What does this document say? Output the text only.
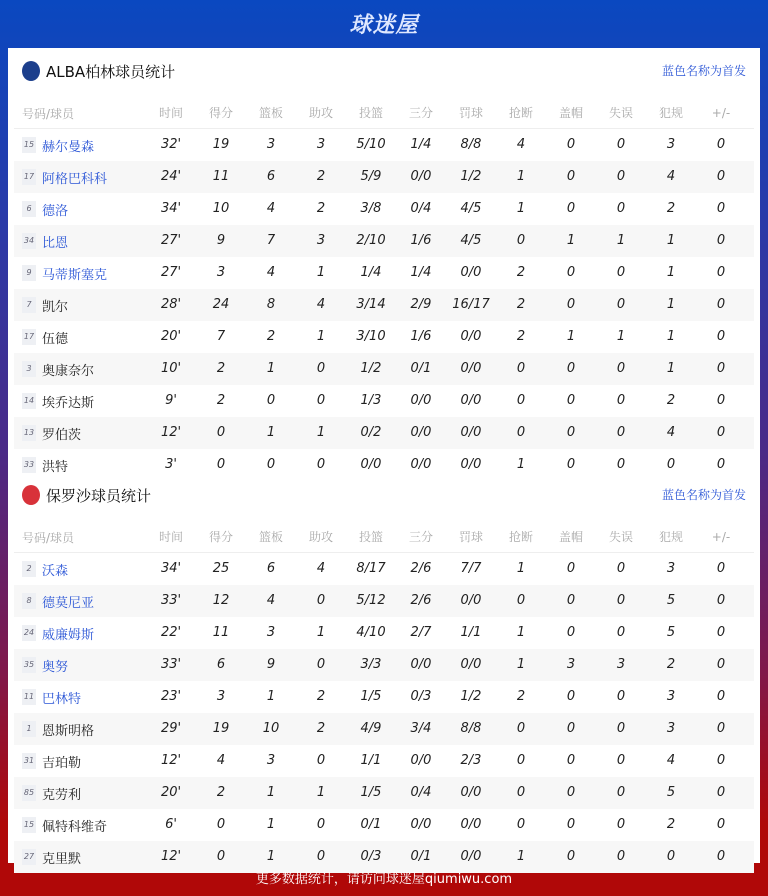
球迷屋
ALBA柏林球员统计	蓝色名称为首发
号码/球员	时间	得分	篮板	助攻	投篮	三分	罚球	抢断	盖帽	失误	犯规	+/-
15 赫尔曼森	32'	19	3	3	5/10	1/4	8/8	4	0	0	3	0
17 阿格巴科科	24'	11	6	2	5/9	0/0	1/2	1	0	0	4	0
6 德洛	34'	10	4	2	3/8	0/4	4/5	1	0	0	2	0
34 比恩	27'	9	7	3	2/10	1/6	4/5	0	1	1	1	0
9 马蒂斯塞克	27'	3	4	1	1/4	1/4	0/0	2	0	0	1	0
7 凯尔	28'	24	8	4	3/14	2/9	16/17	2	0	0	1	0
17 伍德	20'	7	2	1	3/10	1/6	0/0	2	1	1	1	0
3 奥康奈尔	10'	2	1	0	1/2	0/1	0/0	0	0	0	1	0
14 埃乔达斯	9'	2	0	0	1/3	0/0	0/0	0	0	0	2	0
13 罗伯茨	12'	0	1	1	0/2	0/0	0/0	0	0	0	4	0
33 洪特	3'	0	0	0	0/0	0/0	0/0	1	0	0	0	0
保罗沙球员统计	蓝色名称为首发
号码/球员	时间	得分	篮板	助攻	投篮	三分	罚球	抢断	盖帽	失误	犯规	+/-
2 沃森	34'	25	6	4	8/17	2/6	7/7	1	0	0	3	0
8 德莫尼亚	33'	12	4	0	5/12	2/6	0/0	0	0	0	5	0
24 威廉姆斯	22'	11	3	1	4/10	2/7	1/1	1	0	0	5	0
35 奥努	33'	6	9	0	3/3	0/0	0/0	1	3	3	2	0
11 巴林特	23'	3	1	2	1/5	0/3	1/2	2	0	0	3	0
1 恩斯明格	29'	19	10	2	4/9	3/4	8/8	0	0	0	3	0
31 吉珀勒	12'	4	3	0	1/1	0/0	2/3	0	0	0	4	0
85 克劳利	20'	2	1	1	1/5	0/4	0/0	0	0	0	5	0
15 佩特科维奇	6'	0	1	0	0/1	0/0	0/0	0	0	0	2	0
27 克里默	12'	0	1	0	0/3	0/1	0/0	1	0	0	0	0
更多数据统计，请访问球迷屋qiumiwu.com
